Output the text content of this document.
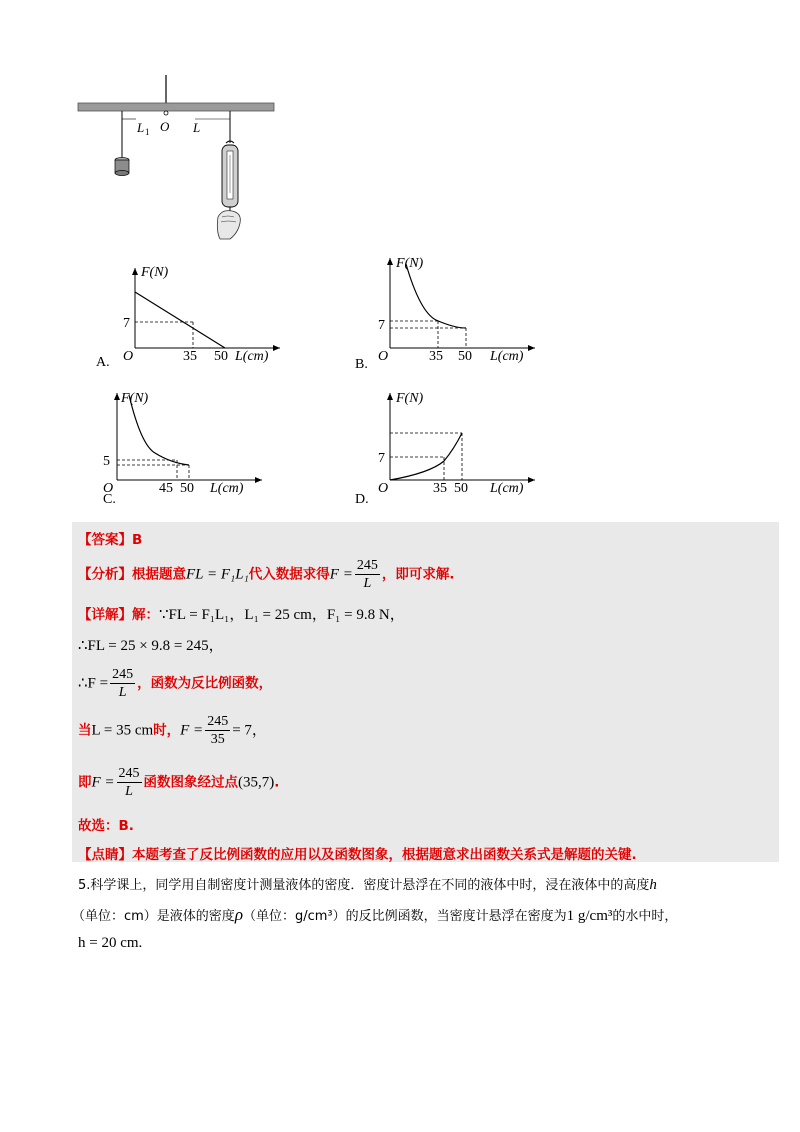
L 1 O L
F(N)
7
O	35 50 L(cm)
A.
F(N)
7
O	35 50 L(cm)
B.
F(N)
5
O	45 50 L(cm)
C.
F(N)
7
O	35 50 L(cm)
D.
【答案】B
【分析】根据题意FL = F₁L₁代入数据求得$F = \frac{245}{L}$ ，即可求解.
【详解】解：∵FL = F₁L₁，L₁ = 25 cm，F₁ = 9.8 N，
∴FL = 25 × 9.8 = 245，
∴F = $\frac{245}{L}$ ，函数为反比例函数，
当L = 35 cm时，$F = \frac{245}{35} = 7$，
即$F = \frac{245}{L}$ 函数图象经过点(35,7).
故选：B.
【点睛】本题考查了反比例函数的应用以及函数图象，根据题意求出函数关系式是解题的关键.
5.科学课上，同学用自制密度计测量液体的密度．密度计悬浮在不同的液体中时，浸在液体中的高度h
（单位：cm）是液体的密度ρ（单位：g/cm³）的反比例函数，当密度计悬浮在密度为1 g/cm³的水中时，
h = 20 cm.
